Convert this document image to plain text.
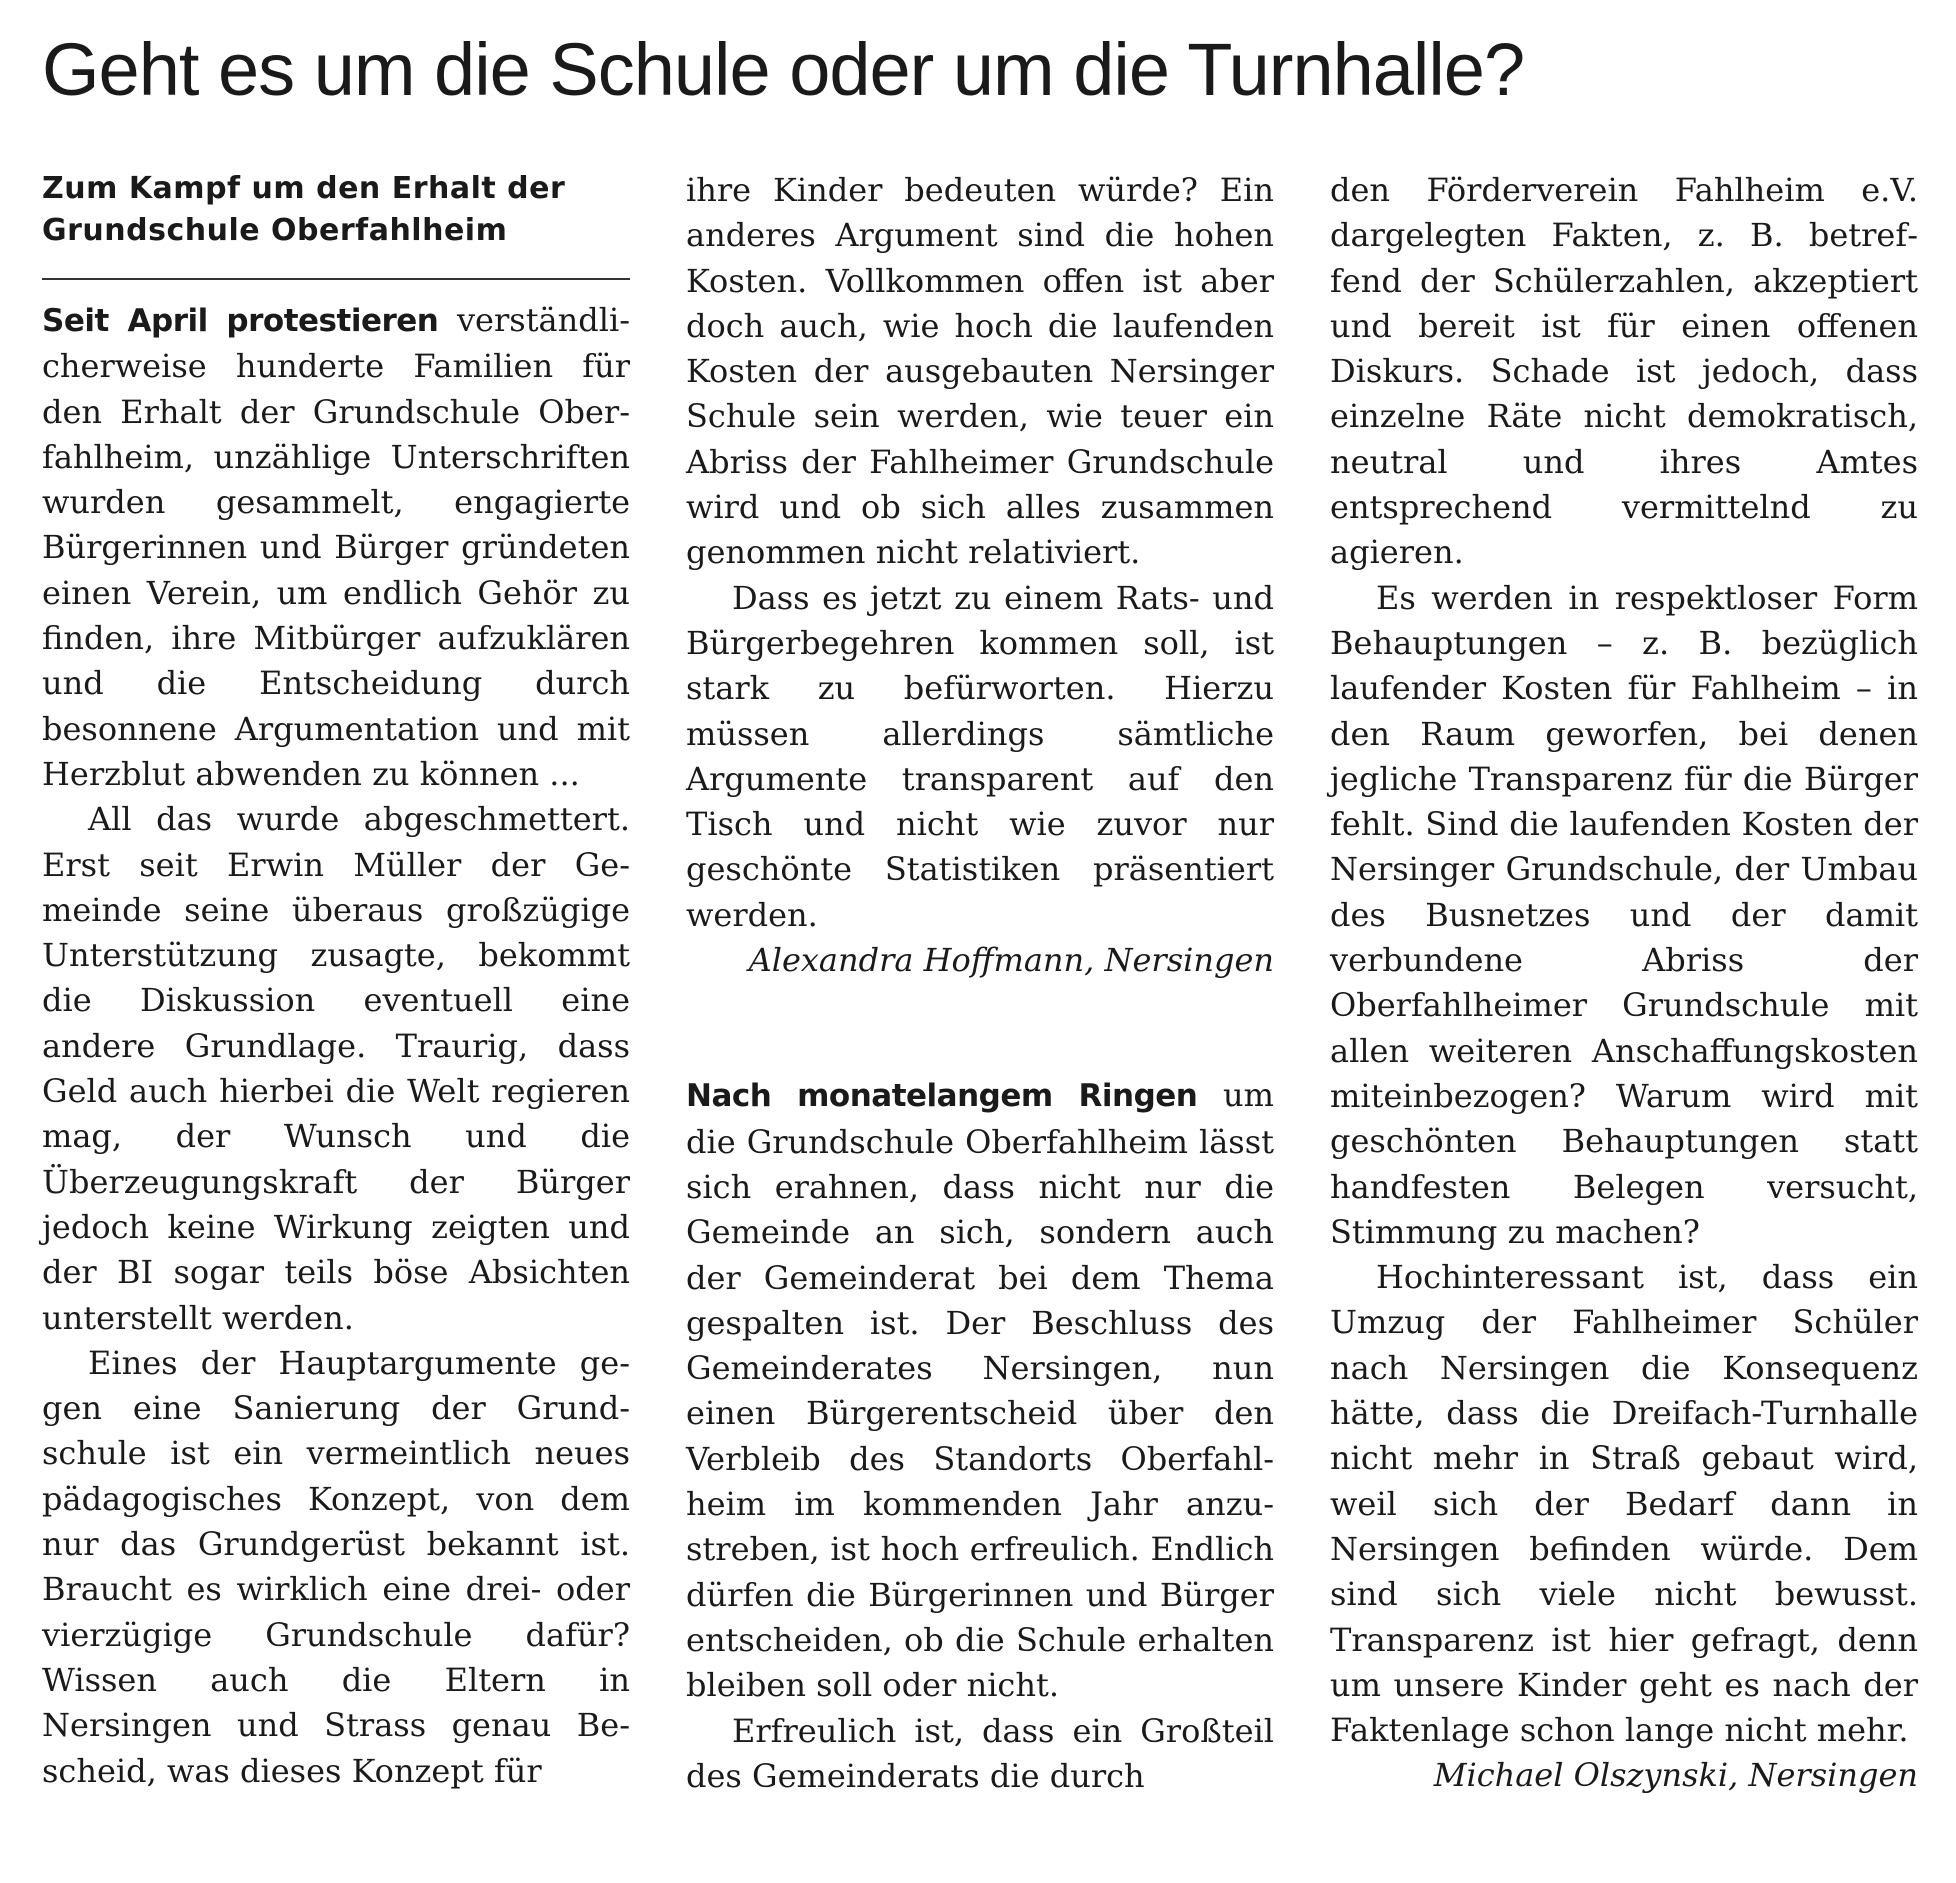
Geht es um die Schule oder um die Turnhalle?

Zum Kampf um den Erhalt der
Grundschule Oberfahlheim

Seit April protestieren verständlicherweise hunderte Familien für den Erhalt der Grundschule Oberfahlheim, unzählige Unterschriften wurden gesammelt, engagierte Bürgerinnen und Bürger gründeten einen Verein, um endlich Gehör zu finden, ihre Mitbürger aufzuklären und die Entscheidung durch besonnene Argumentation und mit Herzblut abwenden zu können ...

All das wurde abgeschmettert. Erst seit Erwin Müller der Gemeinde seine überaus großzügige Unterstützung zusagte, bekommt die Diskussion eventuell eine andere Grundlage. Traurig, dass Geld auch hierbei die Welt regieren mag, der Wunsch und die Überzeugungskraft der Bürger jedoch keine Wirkung zeigten und der BI sogar teils böse Absichten unterstellt werden.

Eines der Hauptargumente gegen eine Sanierung der Grundschule ist ein vermeintlich neues pädagogisches Konzept, von dem nur das Grundgerüst bekannt ist. Braucht es wirklich eine drei- oder vierzügige Grundschule dafür? Wissen auch die Eltern in Nersingen und Strass genau Bescheid, was dieses Konzept für

ihre Kinder bedeuten würde? Ein anderes Argument sind die hohen Kosten. Vollkommen offen ist aber doch auch, wie hoch die laufenden Kosten der ausgebauten Nersinger Schule sein werden, wie teuer ein Abriss der Fahlheimer Grundschule wird und ob sich alles zusammen genommen nicht relativiert.

Dass es jetzt zu einem Rats- und Bürgerbegehren kommen soll, ist stark zu befürworten. Hierzu müssen allerdings sämtliche Argumente transparent auf den Tisch und nicht wie zuvor nur geschönte Statistiken präsentiert werden.

Alexandra Hoffmann, Nersingen

Nach monatelangem Ringen um die Grundschule Oberfahlheim lässt sich erahnen, dass nicht nur die Gemeinde an sich, sondern auch der Gemeinderat bei dem Thema gespalten ist. Der Beschluss des Gemeinderates Nersingen, nun einen Bürgerentscheid über den Verbleib des Standorts Oberfahlheim im kommenden Jahr anzustreben, ist hoch erfreulich. Endlich dürfen die Bürgerinnen und Bürger entscheiden, ob die Schule erhalten bleiben soll oder nicht.

Erfreulich ist, dass ein Großteil des Gemeinderats die durch

den Förderverein Fahlheim e.V. dargelegten Fakten, z. B. betreffend der Schülerzahlen, akzeptiert und bereit ist für einen offenen Diskurs. Schade ist jedoch, dass einzelne Räte nicht demokratisch, neutral und ihres Amtes entsprechend vermittelnd zu agieren.

Es werden in respektloser Form Behauptungen – z. B. bezüglich laufender Kosten für Fahlheim – in den Raum geworfen, bei denen jegliche Transparenz für die Bürger fehlt. Sind die laufenden Kosten der Nersinger Grundschule, der Umbau des Busnetzes und der damit verbundene Abriss der Oberfahlheimer Grundschule mit allen weiteren Anschaffungskosten miteinbezogen? Warum wird mit geschönten Behauptungen statt handfesten Belegen versucht, Stimmung zu machen?

Hochinteressant ist, dass ein Umzug der Fahlheimer Schüler nach Nersingen die Konsequenz hätte, dass die Dreifach-Turnhalle nicht mehr in Straß gebaut wird, weil sich der Bedarf dann in Nersingen befinden würde. Dem sind sich viele nicht bewusst. Transparenz ist hier gefragt, denn um unsere Kinder geht es nach der Faktenlage schon lange nicht mehr.

Michael Olszynski, Nersingen
